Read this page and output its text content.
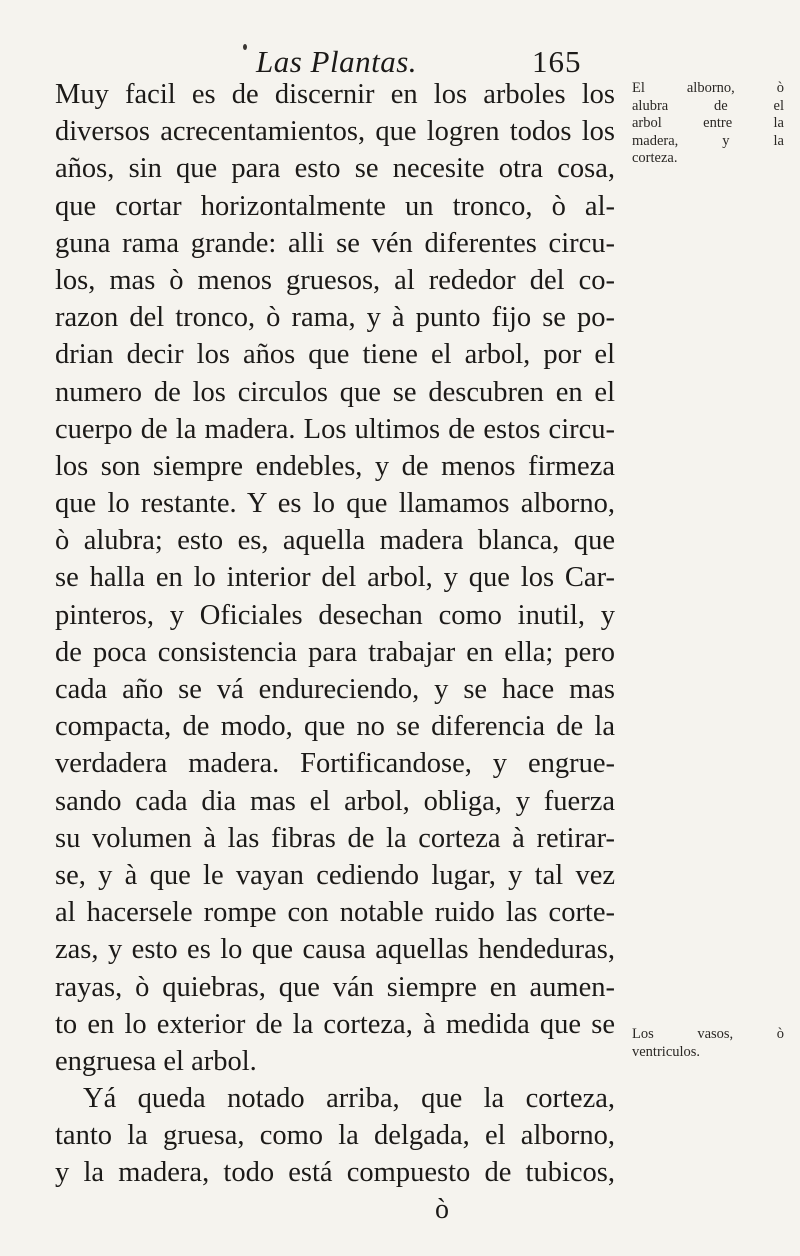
Las Plantas.	165
Muy facil es de discernir en los arboles los
diversos acrecentamientos, que logren todos los
años, sin que para esto se necesite otra cosa,
que cortar horizontalmente un tronco, ò al-
guna rama grande: alli se vén diferentes circu-
los, mas ò menos gruesos, al rededor del co-
razon del tronco, ò rama, y à punto fijo se po-
drian decir los años que tiene el arbol, por el
numero de los circulos que se descubren en el
cuerpo de la madera. Los ultimos de estos circu-
los son siempre endebles, y de menos firmeza
que lo restante. Y es lo que llamamos alborno,
ò alubra; esto es, aquella madera blanca, que
se halla en lo interior del arbol, y que los Car-
pinteros, y Oficiales desechan como inutil, y
de poca consistencia para trabajar en ella; pero
cada año se vá endureciendo, y se hace mas
compacta, de modo, que no se diferencia de la
verdadera madera. Fortificandose, y engrue-
sando cada dia mas el arbol, obliga, y fuerza
su volumen à las fibras de la corteza à retirar-
se, y à que le vayan cediendo lugar, y tal vez
al hacersele rompe con notable ruido las corte-
zas, y esto es lo que causa aquellas hendeduras,
rayas, ò quiebras, que ván siempre en aumen-
to en lo exterior de la corteza, à medida que se
engruesa el arbol.
Yá queda notado arriba, que la corteza,
tanto la gruesa, como la delgada, el alborno,
y la madera, todo está compuesto de tubicos,
ò
El alborno, ò
alubra de el
arbol entre la
madera, y la
corteza.
Los vasos, ò
ventriculos.
